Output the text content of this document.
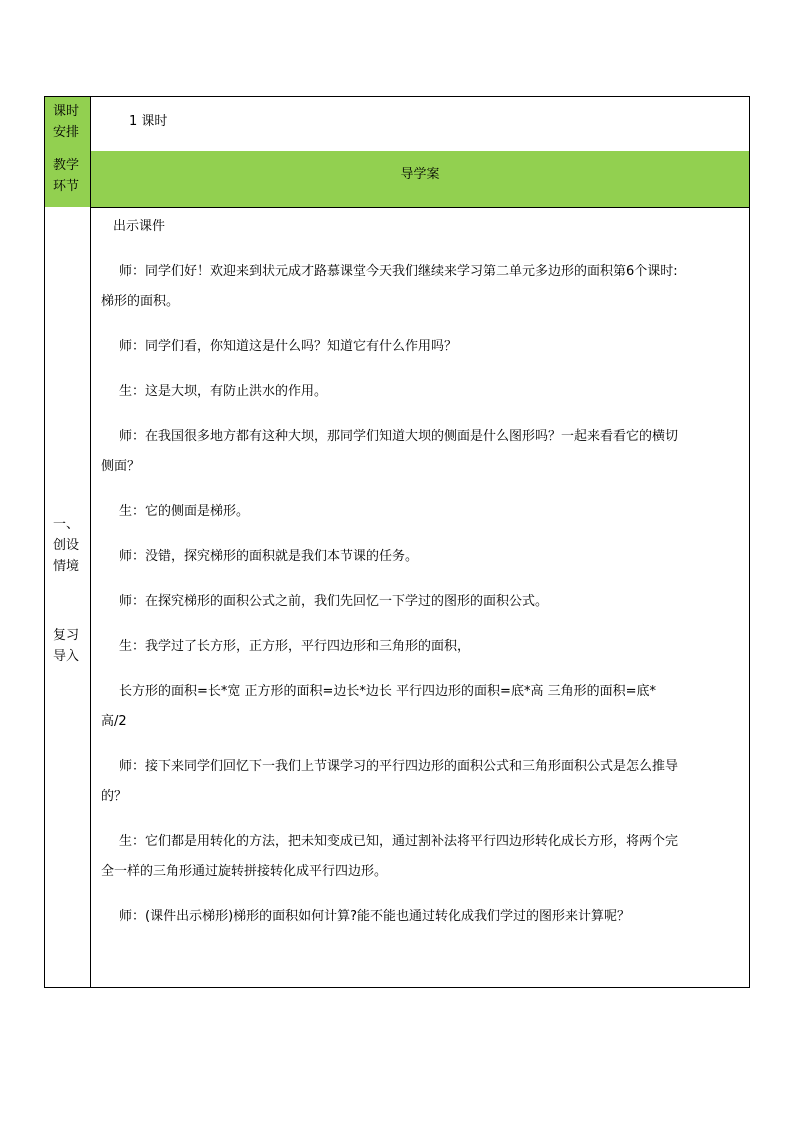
课时
安排
1 课时
教学
环节
导学案
一、
创设
情境
复习
导入

出示课件

师：同学们好！欢迎来到状元成才路慕课堂今天我们继续来学习第二单元多边形的面积第6个课时:

梯形的面积。

师：同学们看，你知道这是什么吗？知道它有什么作用吗？

生：这是大坝，有防止洪水的作用。

师：在我国很多地方都有这种大坝，那同学们知道大坝的侧面是什么图形吗？一起来看看它的横切

侧面？

生：它的侧面是梯形。

师：没错，探究梯形的面积就是我们本节课的任务。

师：在探究梯形的面积公式之前，我们先回忆一下学过的图形的面积公式。

生：我学过了长方形，正方形，平行四边形和三角形的面积，

长方形的面积=长*宽 正方形的面积=边长*边长 平行四边形的面积=底*高 三角形的面积=底*

高/2

师：接下来同学们回忆下一我们上节课学习的平行四边形的面积公式和三角形面积公式是怎么推导

的？

生：它们都是用转化的方法，把未知变成已知，通过割补法将平行四边形转化成长方形，将两个完

全一样的三角形通过旋转拼接转化成平行四边形。

师：(课件出示梯形)梯形的面积如何计算?能不能也通过转化成我们学过的图形来计算呢？
